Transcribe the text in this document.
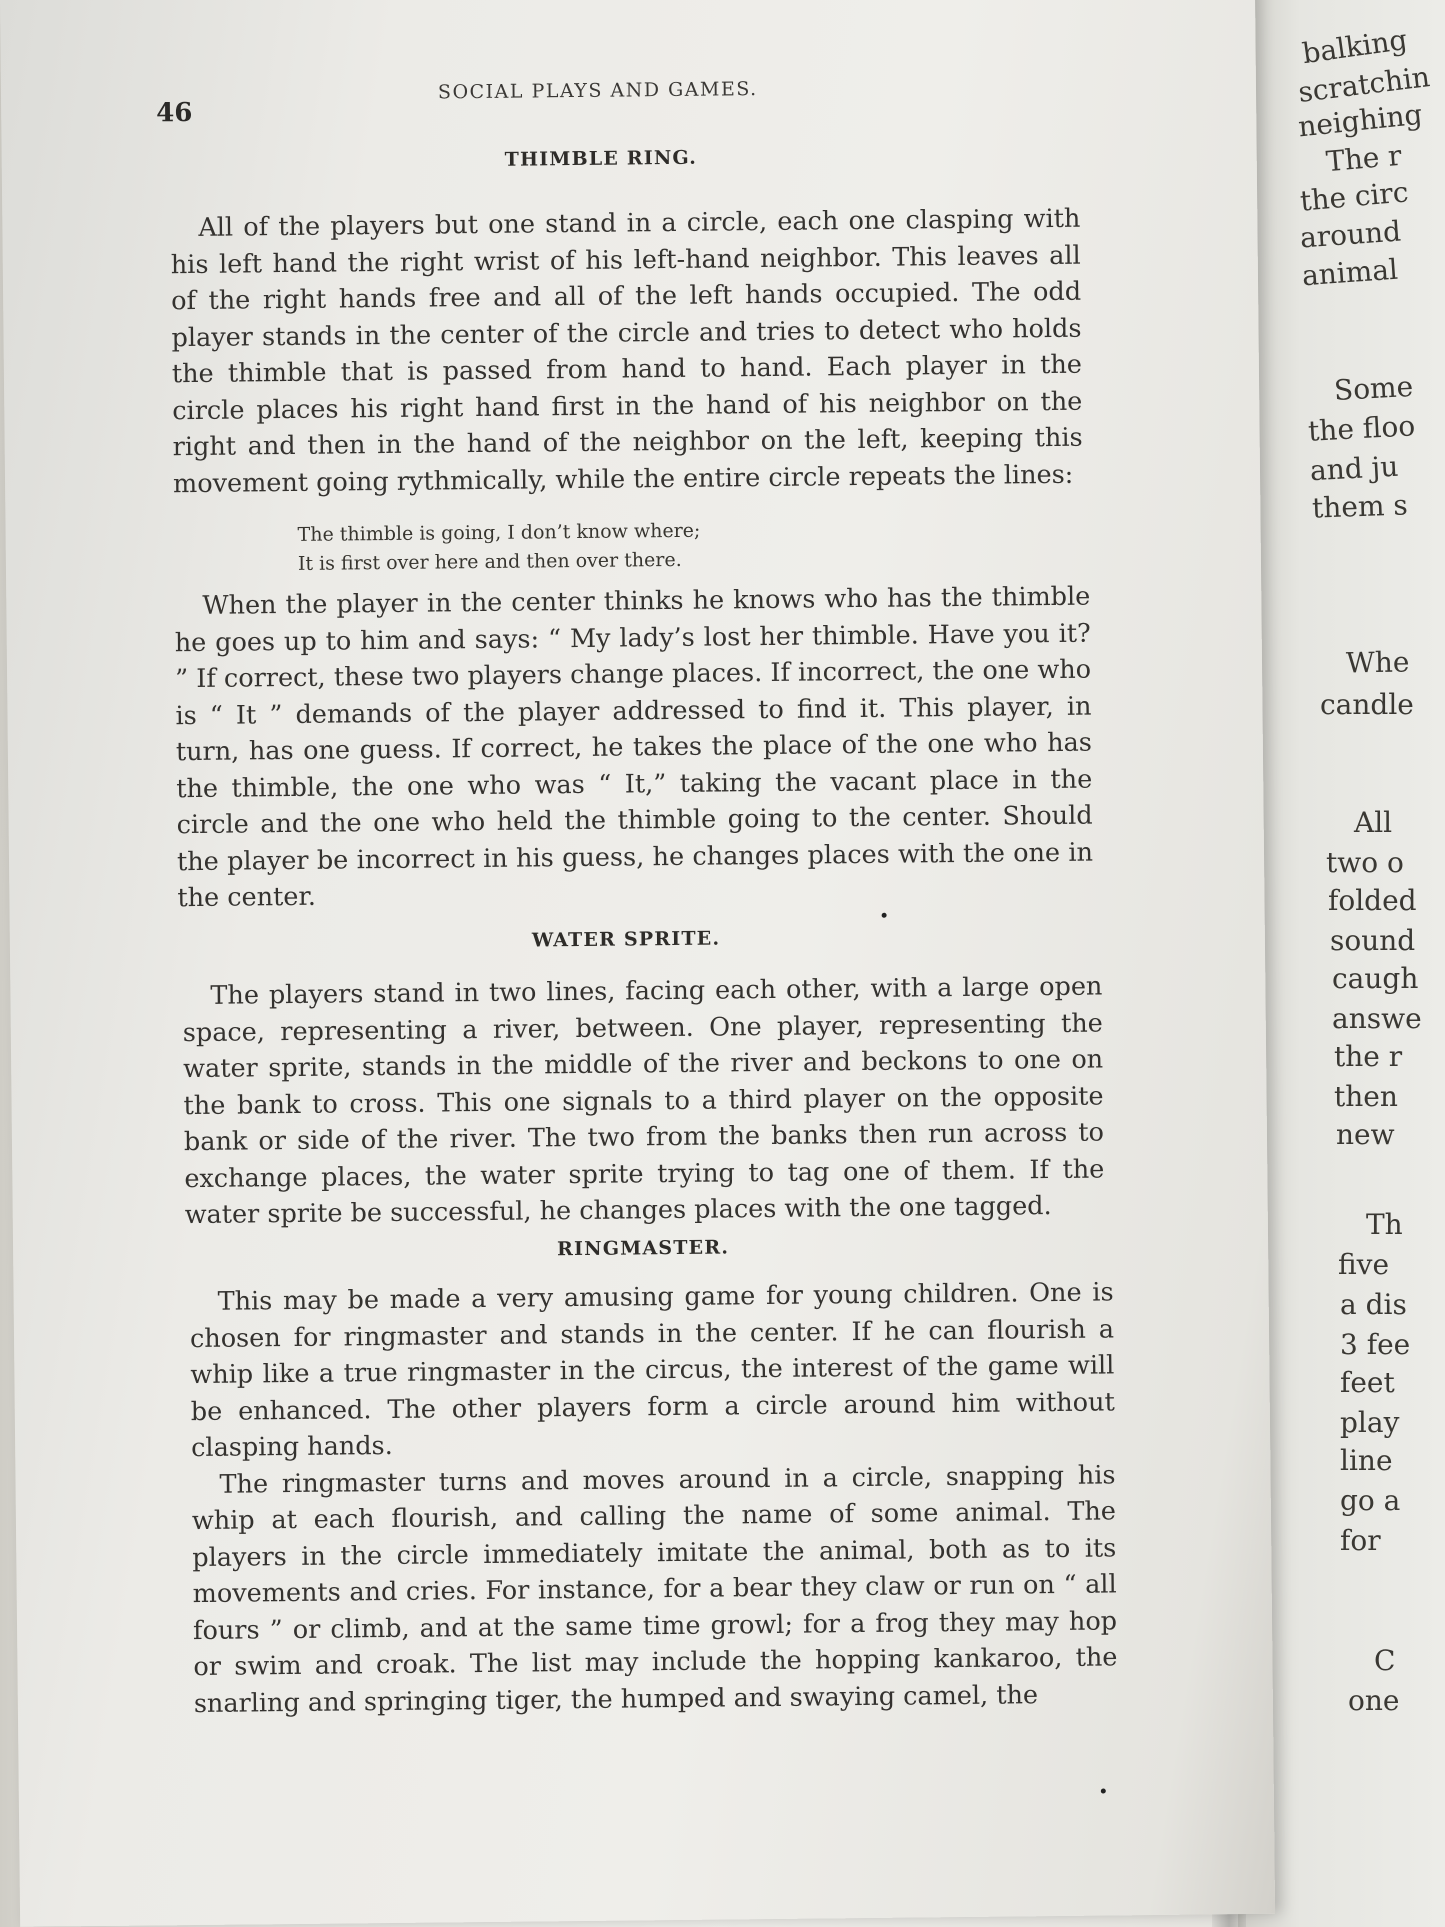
balking
scratchin
neighing
The r
the circ
around
animal
Some
the floo
and ju
them s
Whe
candle
All
two o
folded
sound
caugh
answe
the r
then
new
Th
five
a dis
3 fee
feet
play
line
go a
for
C
one
46
SOCIAL PLAYS AND GAMES.
THIMBLE RING.

All of the players but one stand in a circle, each one clasping with his left hand the right wrist of his left-hand neighbor. This leaves all of the right hands free and all of the left hands occupied. The odd player stands in the center of the circle and tries to detect who holds the thimble that is passed from hand to hand. Each player in the circle places his right hand first in the hand of his neighbor on the right and then in the hand of the neighbor on the left, keeping this movement going rythmically, while the entire circle repeats the lines:

The thimble is going, I don’t know where;
It is first over here and then over there.

When the player in the center thinks he knows who has the thimble he goes up to him and says: “ My lady’s lost her thimble. Have you it? ” If correct, these two players change places. If incorrect, the one who is “ It ” demands of the player addressed to find it. This player, in turn, has one guess. If correct, he takes the place of the one who has the thimble, the one who was “ It,” taking the vacant place in the circle and the one who held the thimble going to the center. Should the player be incorrect in his guess, he changes places with the one in the center.

WATER SPRITE.

The players stand in two lines, facing each other, with a large open space, representing a river, between. One player, representing the water sprite, stands in the middle of the river and beckons to one on the bank to cross. This one signals to a third player on the opposite bank or side of the river. The two from the banks then run across to exchange places, the water sprite trying to tag one of them. If the water sprite be successful, he changes places with the one tagged.

RINGMASTER.

This may be made a very amusing game for young children. One is chosen for ringmaster and stands in the center. If he can flourish a whip like a true ringmaster in the circus, the interest of the game will be enhanced. The other players form a circle around him without clasping hands.

The ringmaster turns and moves around in a circle, snapping his whip at each flourish, and calling the name of some animal. The players in the circle immediately imitate the animal, both as to its movements and cries. For instance, for a bear they claw or run on “ all fours ” or climb, and at the same time growl; for a frog they may hop or swim and croak. The list may include the hopping kankaroo, the snarling and springing tiger, the humped and swaying camel, the
